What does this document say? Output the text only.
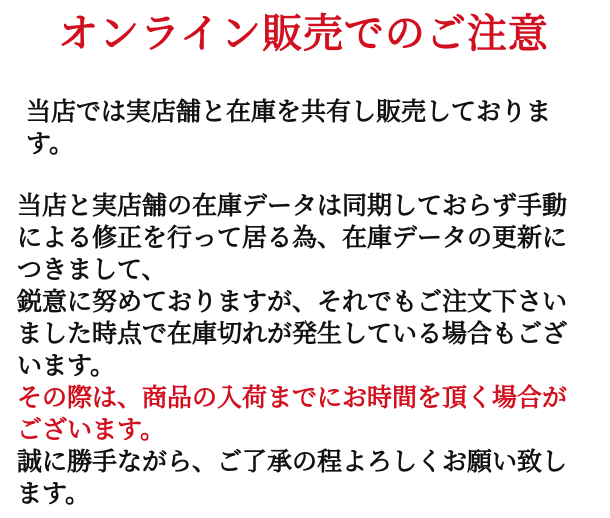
オンライン販売でのご注意

当店では実店舗と在庫を共有し販売しております。

当店と実店舗の在庫データは同期しておらず手動による修正を行って居る為、在庫データの更新につきまして、

鋭意に努めておりますが、それでもご注文下さいました時点で在庫切れが発生している場合もございます。

その際は、商品の入荷までにお時間を頂く場合がございます。

誠に勝手ながら、ご了承の程よろしくお願い致します。
